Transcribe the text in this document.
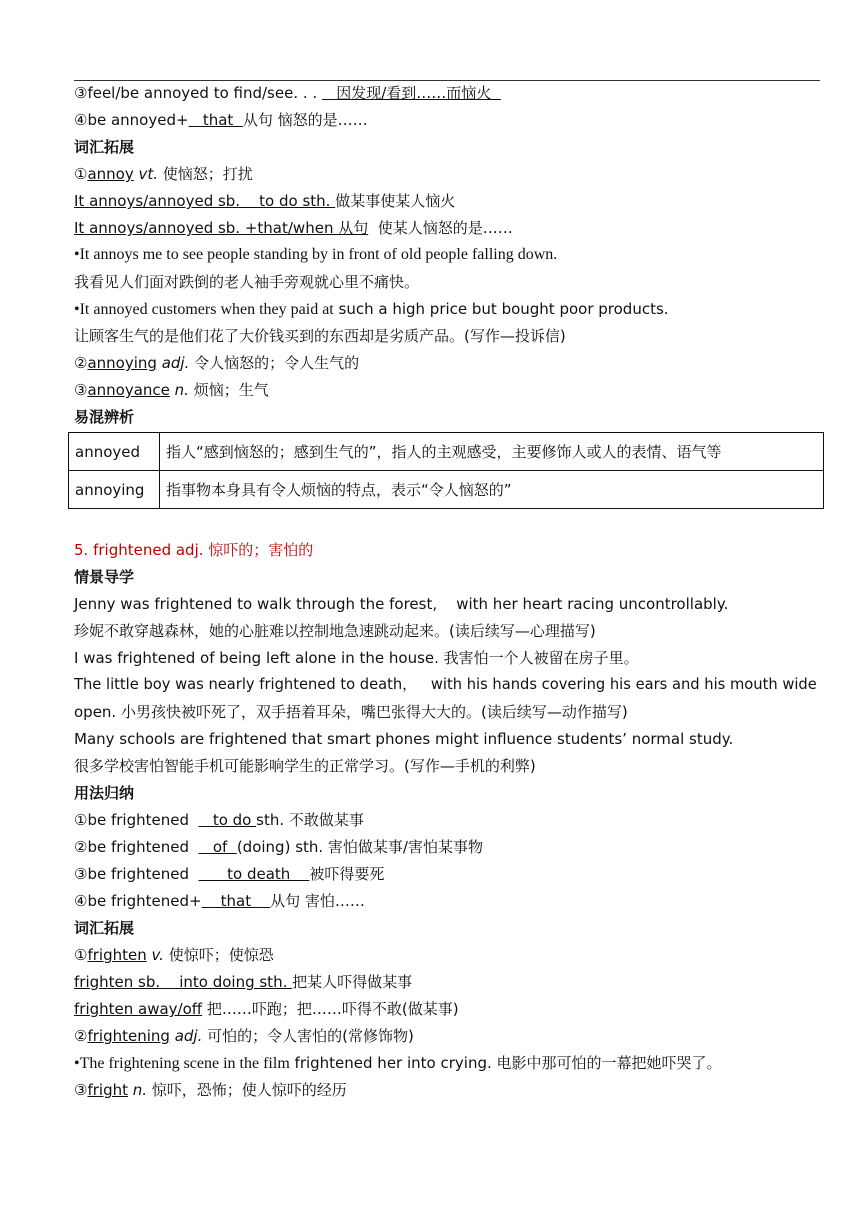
③feel/be annoyed to find/see. . .    因发现/看到……而恼火
④be annoyed+   that  从句 恼怒的是……
词汇拓展
①annoy vt. 使恼怒；打扰
It annoys/annoyed sb.    to do sth. 做某事使某人恼火
It annoys/annoyed sb. +that/when 从句  使某人恼怒的是……
•It annoys me to see people standing by in front of old people falling down.
我看见人们面对跌倒的老人袖手旁观就心里不痛快。
•It annoyed customers when they paid at such a high price but bought poor products.
让顾客生气的是他们花了大价钱买到的东西却是劣质产品。(写作—投诉信)
②annoying adj. 令人恼怒的；令人生气的
③annoyance n. 烦恼；生气
易混辨析
annoyed	指人“感到恼怒的；感到生气的”，指人的主观感受，主要修饰人或人的表情、语气等
annoying	指事物本身具有令人烦恼的特点，表示“令人恼怒的”
5. frightened adj. 惊吓的；害怕的
情景导学
Jenny was frightened to walk through the forest,    with her heart racing uncontrollably.
珍妮不敢穿越森林，她的心脏难以控制地急速跳动起来。(读后续写—心理描写)
I was frightened of being left alone in the house. 我害怕一个人被留在房子里。
The little boy was nearly frightened to death，   with his hands covering his ears and his mouth wide
open. 小男孩快被吓死了，双手捂着耳朵，嘴巴张得大大的。(读后续写—动作描写)
Many schools are frightened that smart phones might influence students’ normal study.
很多学校害怕智能手机可能影响学生的正常学习。(写作—手机的利弊)
用法归纳
①be frightened     to do sth. 不敢做某事
②be frightened     of  (doing) sth. 害怕做某事/害怕某事物
③be frightened        to death    被吓得要死
④be frightened+    that    从句 害怕……
词汇拓展
①frighten v. 使惊吓；使惊恐
frighten sb.    into doing sth. 把某人吓得做某事
frighten away/off 把……吓跑；把……吓得不敢(做某事)
②frightening adj. 可怕的；令人害怕的(常修饰物)
•The frightening scene in the film frightened her into crying. 电影中那可怕的一幕把她吓哭了。
③fright n. 惊吓，恐怖；使人惊吓的经历
